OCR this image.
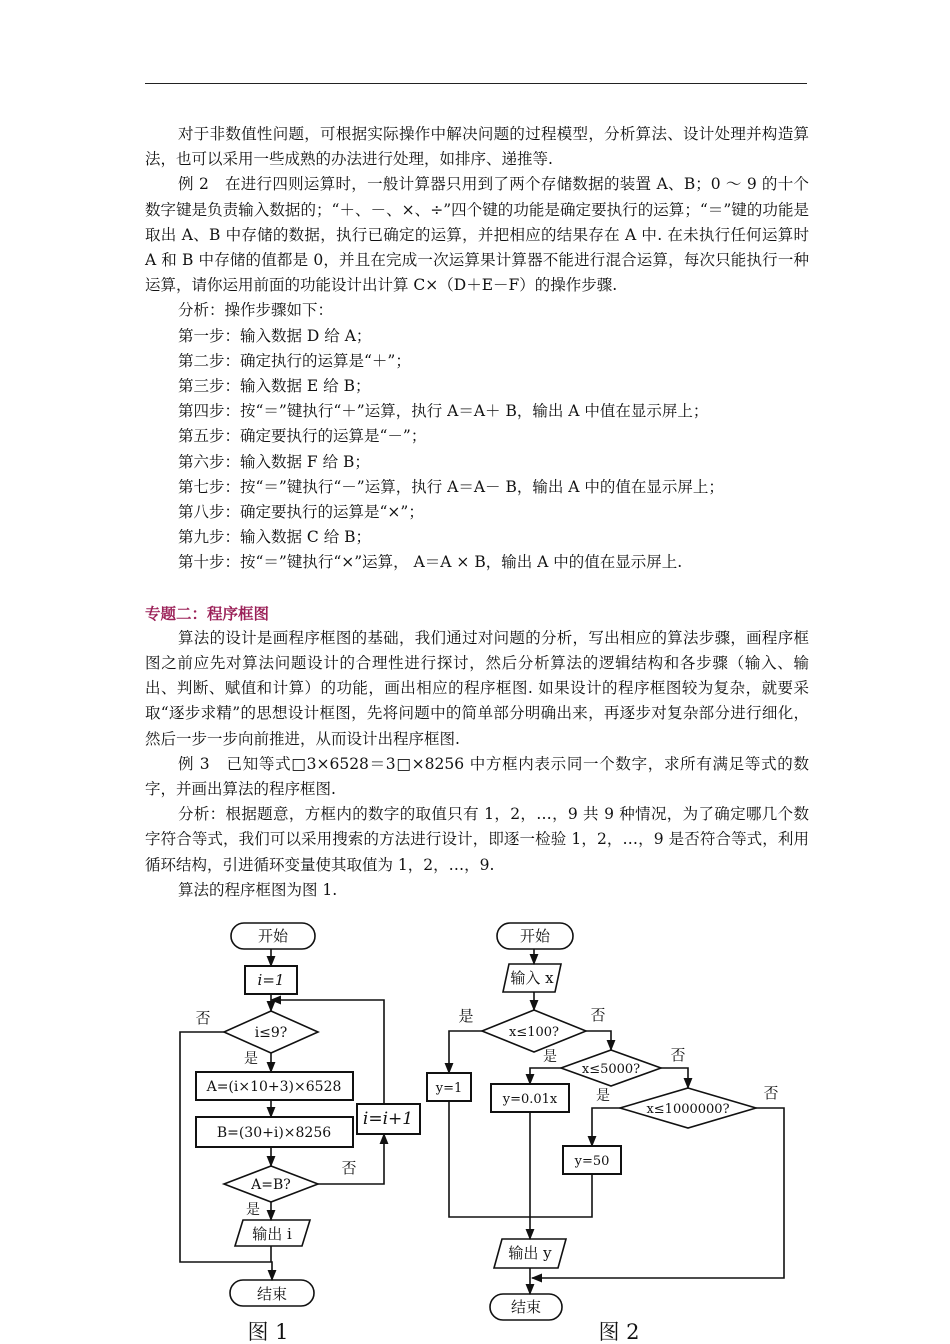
对于非数值性问题，可根据实际操作中解决问题的过程模型，分析算法、设计处理并构造算法，也可以采用一些成熟的办法进行处理，如排序、递推等.

例 2　在进行四则运算时，一般计算器只用到了两个存储数据的装置 A、B；0 ～ 9 的十个数字键是负责输入数据的；“＋、－、×、÷”四个键的功能是确定要执行的运算；“＝”键的功能是取出 A、B 中存储的数据，执行已确定的运算，并把相应的结果存在 A 中. 在未执行任何运算时 A 和 B 中存储的值都是 0，并且在完成一次运算果计算器不能进行混合运算，每次只能执行一种运算，请你运用前面的功能设计出计算 C×（D＋E－F）的操作步骤.

分析：操作步骤如下：

第一步：输入数据 D 给 A；

第二步：确定执行的运算是“＋”；

第三步：输入数据 E 给 B；

第四步：按“＝”键执行“＋”运算，执行 A＝A＋ B，输出 A 中值在显示屏上；

第五步：确定要执行的运算是“－”；

第六步：输入数据 F 给 B；

第七步：按“＝”键执行“－”运算，执行 A＝A－ B，输出 A 中的值在显示屏上；

第八步：确定要执行的运算是“×”；

第九步：输入数据 C 给 B；

第十步：按“＝”键执行“×”运算， A＝A × B，输出 A 中的值在显示屏上.

专题二：程序框图

算法的设计是画程序框图的基础，我们通过对问题的分析，写出相应的算法步骤，画程序框图之前应先对算法问题设计的合理性进行探讨，然后分析算法的逻辑结构和各步骤（输入、输出、判断、赋值和计算）的功能，画出相应的程序框图. 如果设计的程序框图较为复杂，就要采取“逐步求精”的思想设计框图，先将问题中的简单部分明确出来，再逐步对复杂部分进行细化，然后一步一步向前推进，从而设计出程序框图.

例 3　已知等式□3×6528＝3□×8256 中方框内表示同一个数字，求所有满足等式的数字，并画出算法的程序框图.

分析：根据题意，方框内的数字的取值只有 1，2，…，9 共 9 种情况，为了确定哪几个数字符合等式，我们可以采用搜索的方法进行设计，即逐一检验 1，2，…，9 是否符合等式，利用循环结构，引进循环变量使其取值为 1，2，…，9.

算法的程序框图为图 1.

开始
i=1
i≤9?
A=(i×10+3)×6528
B=(30+i)×8256
A=B?
输出 i
i=i+1
结束
是
否
是
否
图 1
开始
输入 x
x≤100?
x≤5000?
x≤1000000?
y=1
y=0.01x
y=50
输出 y
结束
是	否
是	否
是	否
图 2
